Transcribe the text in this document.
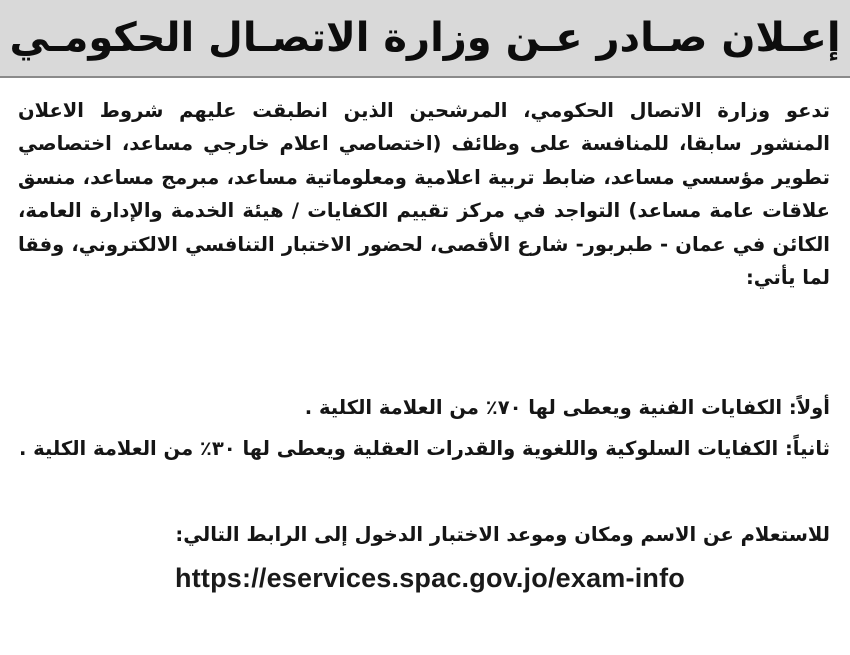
إعـلان صـادر عـن وزارة الاتصـال الحكومـي

تدعو وزارة الاتصال الحكومي، المرشحين الذين انطبقت عليهم شروط الاعلان المنشور سابقا، للمنافسة على وظائف (اختصاصي اعلام خارجي مساعد، اختصاصي تطوير مؤسسي مساعد، ضابط تربية اعلامية ومعلوماتية مساعد، مبرمج مساعد، منسق علاقات عامة مساعد) التواجد في مركز تقييم الكفايات / هيئة الخدمة والإدارة العامة، الكائن في عمان - طبربور- شارع الأقصى، لحضور الاختبار التنافسي الالكتروني، وفقا لما يأتي:

أولاً: الكفايات الفنية ويعطى لها ٧٠٪ من العلامة الكلية .

ثانياً: الكفايات السلوكية واللغوية والقدرات العقلية ويعطى لها ٣٠٪ من العلامة الكلية .

للاستعلام عن الاسم ومكان وموعد الاختبار الدخول إلى الرابط التالي:

https://eservices.spac.gov.jo/exam-info
